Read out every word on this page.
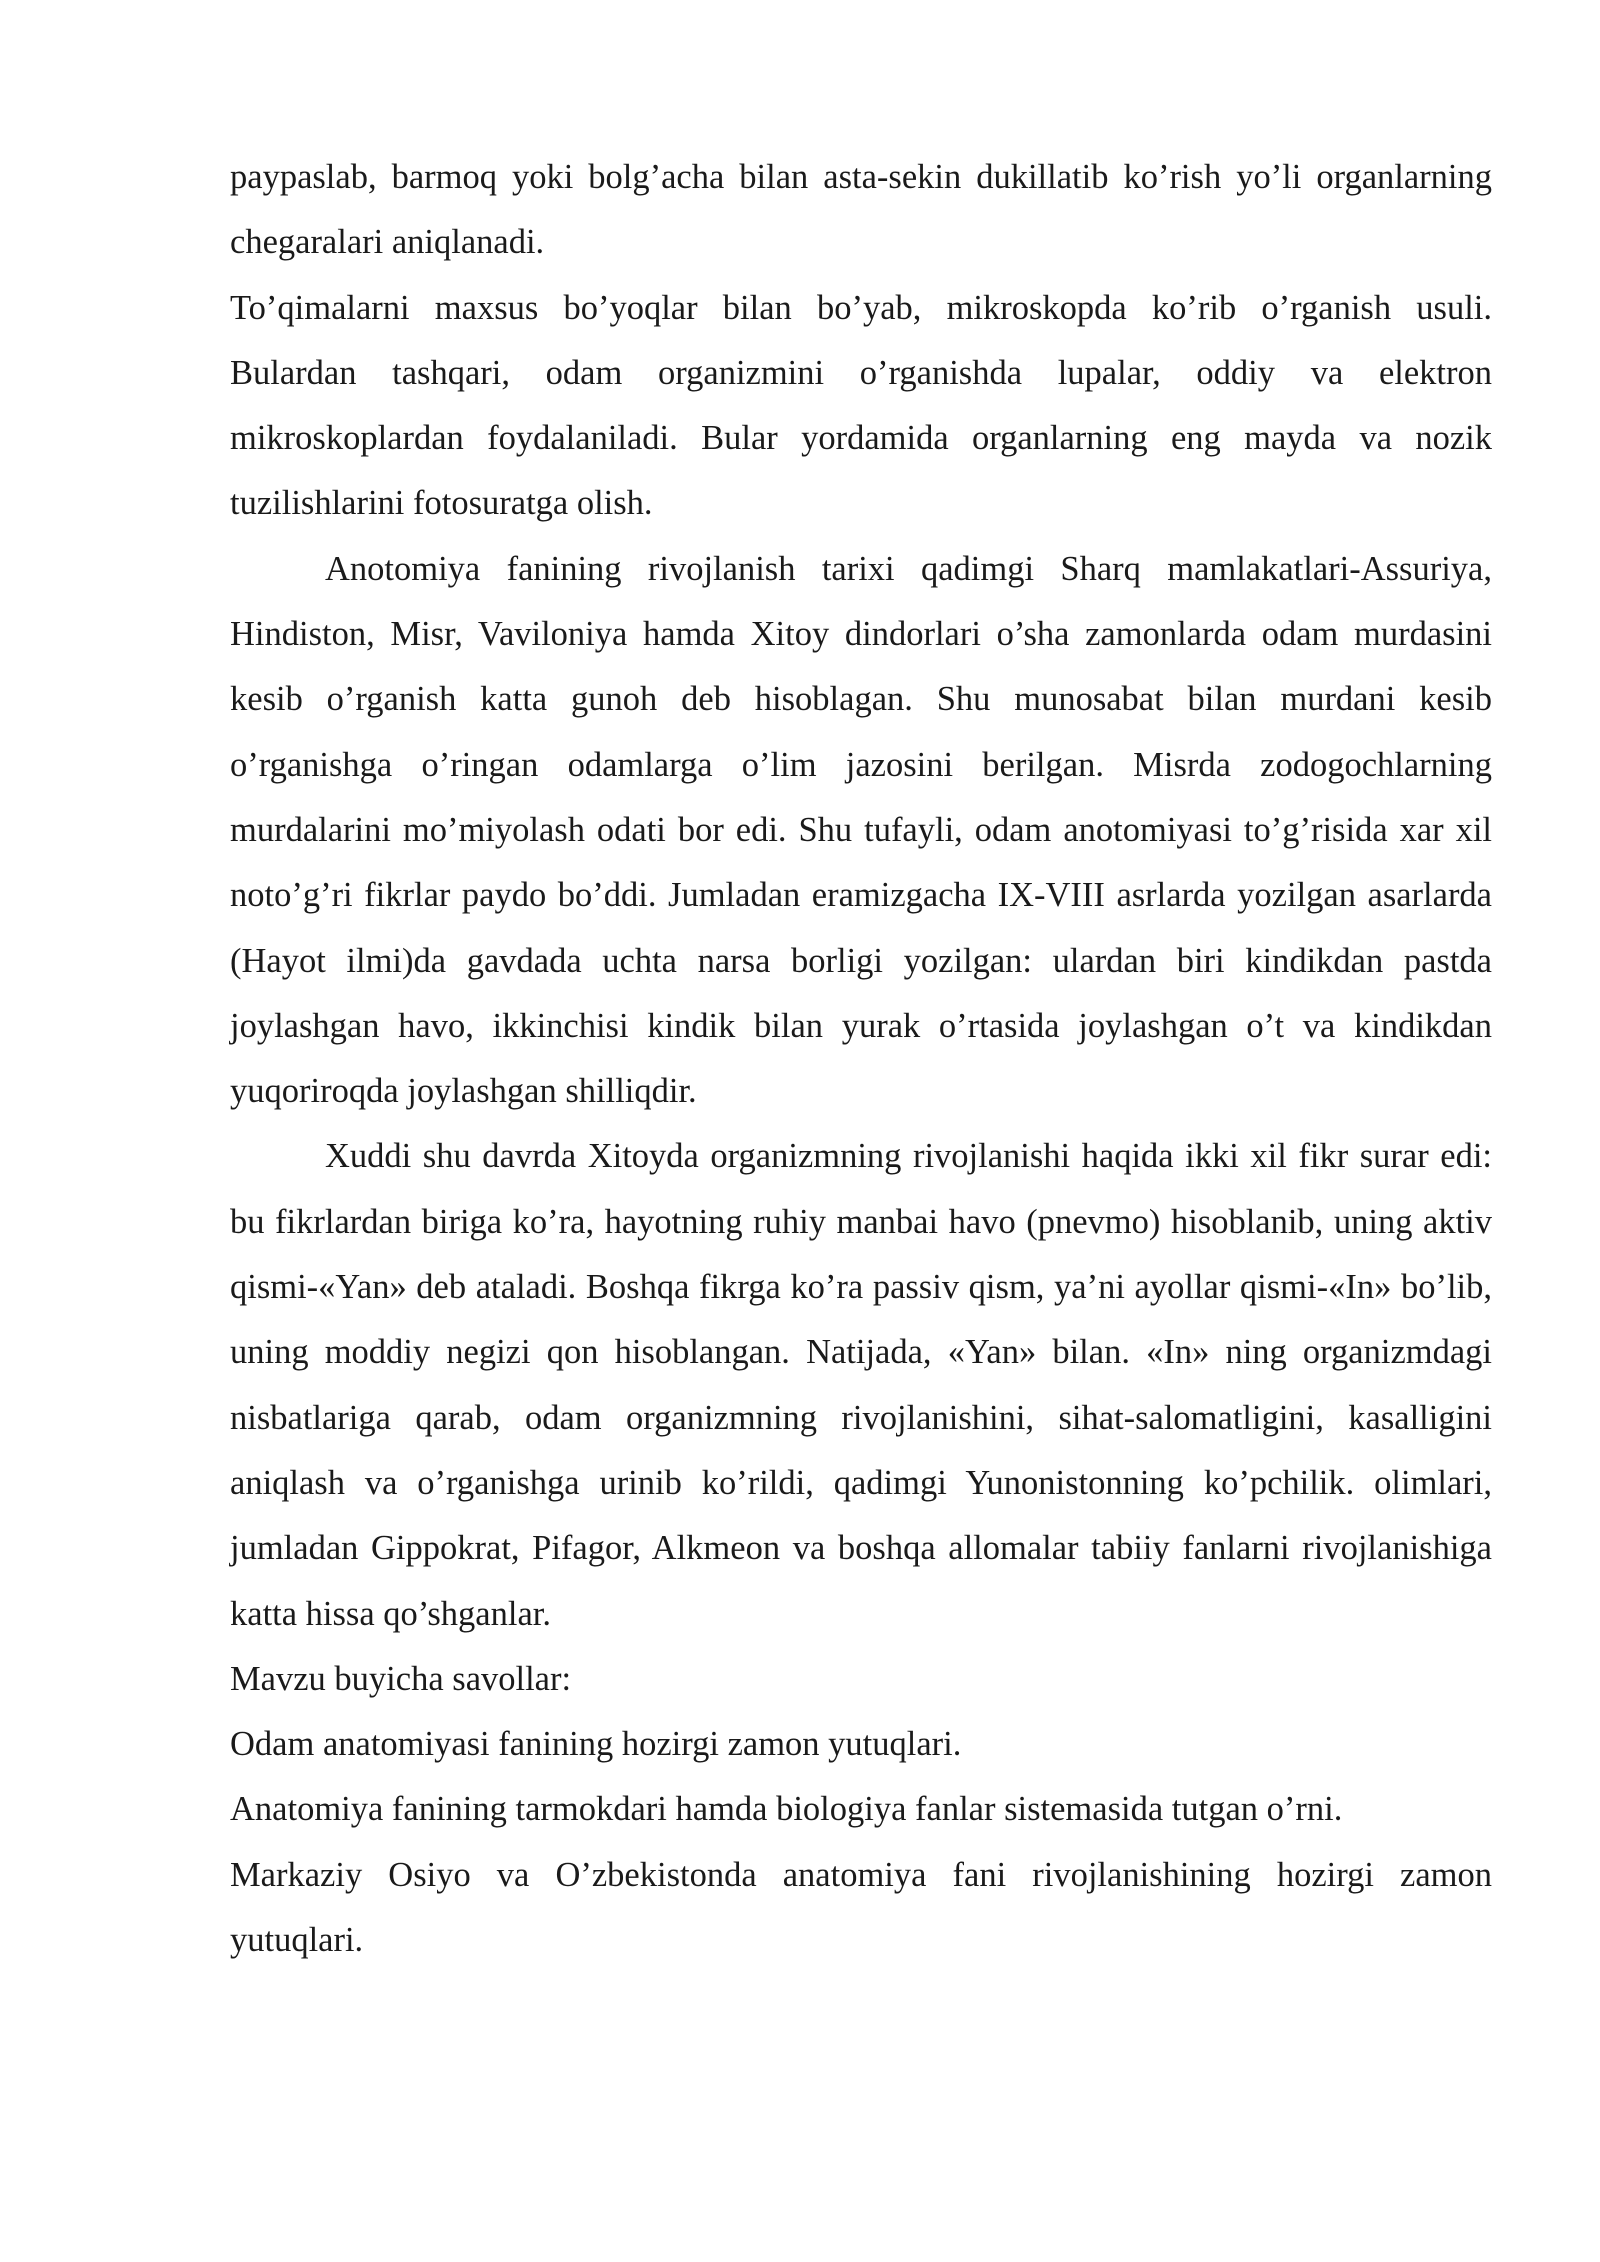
paypaslab, barmoq yoki bolg’acha bilan asta-sekin dukillatib ko’rish yo’li organlarning chegaralari aniqlanadi.

To’qimalarni maxsus bo’yoqlar bilan bo’yab, mikroskopda ko’rib o’rganish usuli. Bulardan tashqari, odam organizmini o’rganishda lupalar, oddiy va elektron mikroskoplardan foydalaniladi. Bular yordamida organlarning eng mayda va nozik tuzilishlarini fotosuratga olish.

Anotomiya fanining rivojlanish tarixi qadimgi Sharq mamlakatlari-Assuriya, Hindiston, Misr, Vaviloniya hamda Xitoy dindorlari o’sha zamonlarda odam murdasini kesib o’rganish katta gunoh deb hisoblagan. Shu munosabat bilan murdani kesib o’rganishga o’ringan odamlarga o’lim jazosini berilgan. Misrda zodogochlarning murdalarini mo’miyolash odati bor edi. Shu tufayli, odam anotomiyasi to’g’risida xar xil noto’g’ri fikrlar paydo bo’ddi. Jumladan eramizgacha IX-VIII asrlarda yozilgan asarlarda (Hayot ilmi)da gavdada uchta narsa borligi yozilgan: ulardan biri kindikdan pastda joylashgan havo, ikkinchisi kindik bilan yurak o’rtasida joylashgan o’t va kindikdan yuqoriroqda joylashgan shilliqdir.

Xuddi shu davrda Xitoyda organizmning rivojlanishi haqida ikki xil fikr surar edi: bu fikrlardan biriga ko’ra, hayotning ruhiy manbai havo (pnevmo) hisoblanib, uning aktiv qismi-«Yan» deb ataladi. Boshqa fikrga ko’ra passiv qism, ya’ni ayollar qismi-«In» bo’lib, uning moddiy negizi qon hisoblangan. Natijada, «Yan» bilan. «In» ning organizmdagi nisbatlariga qarab, odam organizmning rivojlanishini, sihat-salomatligini, kasalligini aniqlash va o’rganishga urinib ko’rildi, qadimgi Yunonistonning ko’pchilik. olimlari, jumladan Gippokrat, Pifagor, Alkmeon va boshqa allomalar tabiiy fanlarni rivojlanishiga katta hissa qo’shganlar.

Mavzu buyicha savollar:

Odam anatomiyasi fanining hozirgi zamon yutuqlari.

Anatomiya fanining tarmokdari hamda biologiya fanlar sistemasida tutgan o’rni.

Markaziy Osiyo va O’zbekistonda anatomiya fani rivojlanishining hozirgi zamon yutuqlari.
